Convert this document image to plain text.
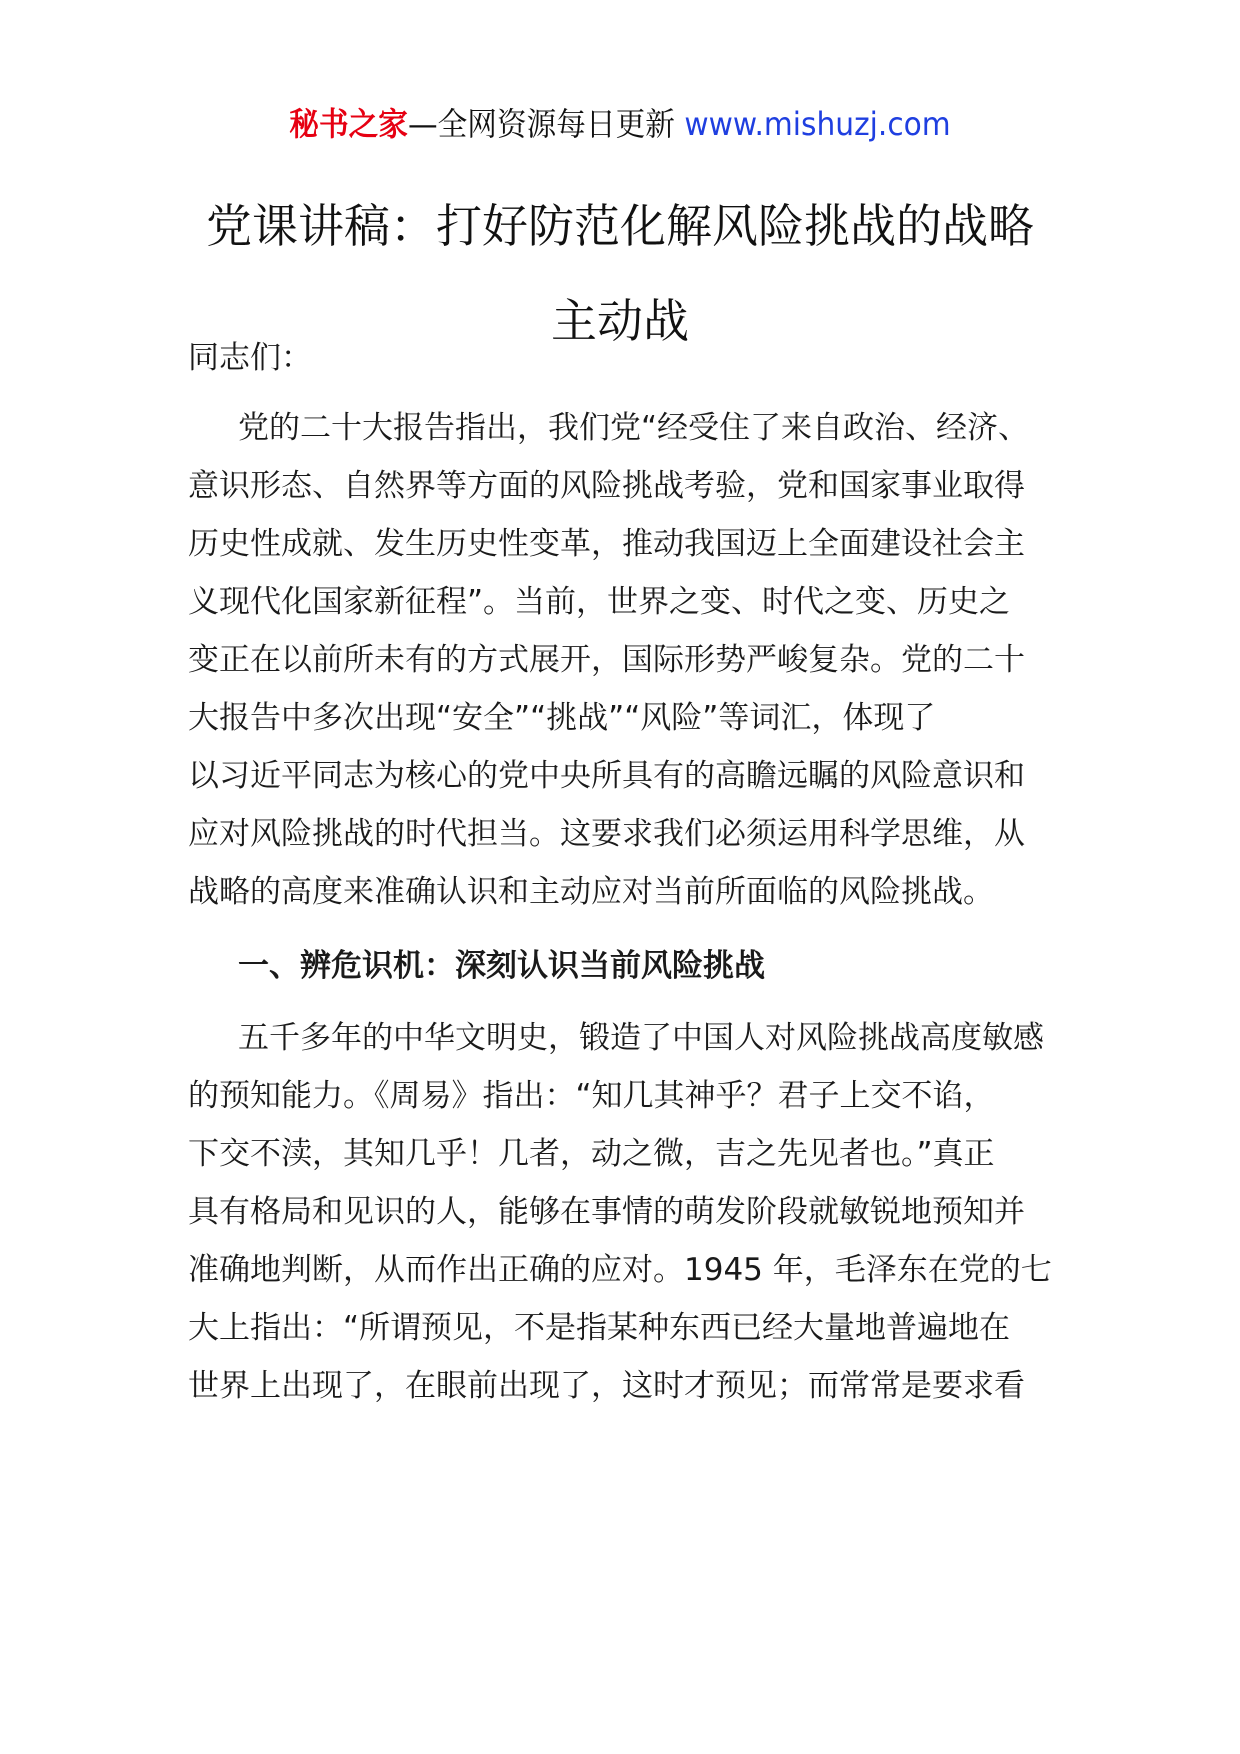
秘书之家—全网资源每日更新 www.mishuzj.com
党课讲稿：打好防范化解风险挑战的战略
主动战
同志们：
党的二十大报告指出，我们党“经受住了来自政治、经济、
意识形态、自然界等方面的风险挑战考验，党和国家事业取得
历史性成就、发生历史性变革，推动我国迈上全面建设社会主
义现代化国家新征程”。当前，世界之变、时代之变、历史之
变正在以前所未有的方式展开，国际形势严峻复杂。党的二十
大报告中多次出现“安全”“挑战”“风险”等词汇，体现了
以习近平同志为核心的党中央所具有的高瞻远瞩的风险意识和
应对风险挑战的时代担当。这要求我们必须运用科学思维，从
战略的高度来准确认识和主动应对当前所面临的风险挑战。
一、辨危识机：深刻认识当前风险挑战
五千多年的中华文明史，锻造了中国人对风险挑战高度敏感
的预知能力。《周易》指出：“知几其神乎？君子上交不谄，
下交不渎，其知几乎！几者，动之微，吉之先见者也。”真正
具有格局和见识的人，能够在事情的萌发阶段就敏锐地预知并
准确地判断，从而作出正确的应对。1945 年，毛泽东在党的七
大上指出：“所谓预见，不是指某种东西已经大量地普遍地在
世界上出现了，在眼前出现了，这时才预见；而常常是要求看
